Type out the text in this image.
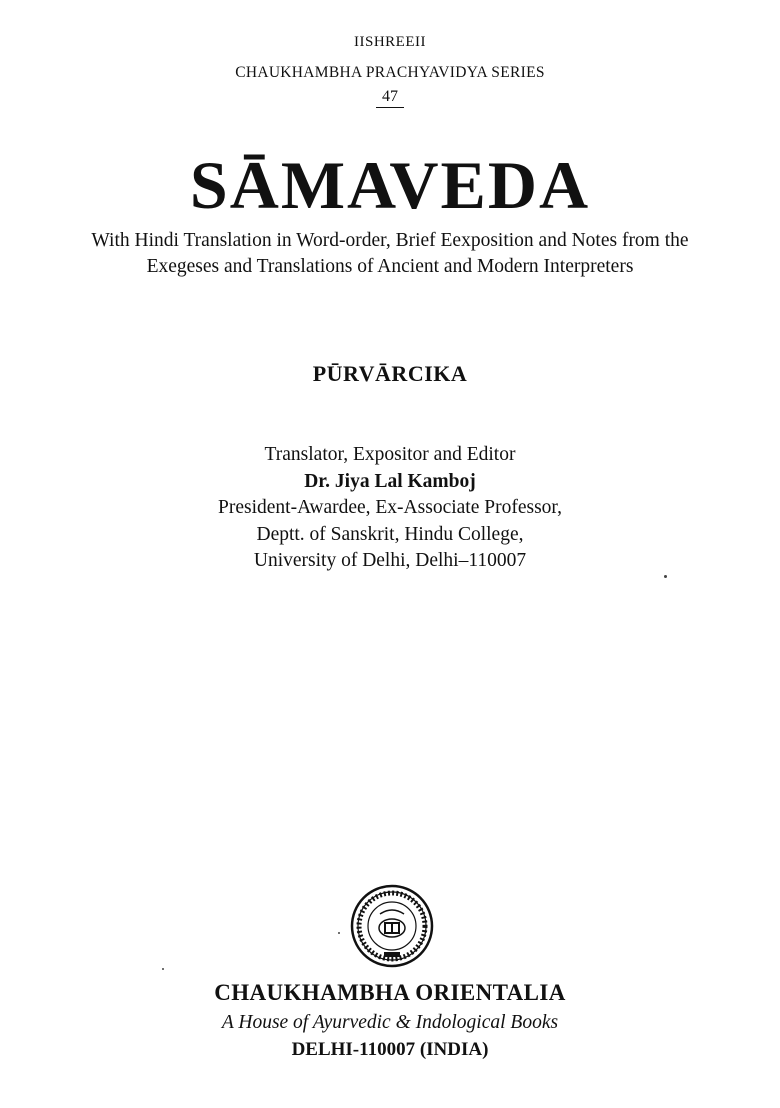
IISHREEII
CHAUKHAMBHA PRACHYAVIDYA SERIES
47
SĀMAVEDA
With Hindi Translation in Word-order, Brief Eexposition and Notes from the
Exegeses and Translations of Ancient and Modern Interpreters
PŪRVĀRCIKA
Translator, Expositor and Editor
Dr. Jiya Lal Kamboj
President-Awardee, Ex-Associate Professor,
Deptt. of Sanskrit, Hindu College,
University of Delhi, Delhi–110007
CHAUKHAMBHA ORIENTALIA
A House of Ayurvedic & Indological Books
DELHI-110007 (INDIA)
